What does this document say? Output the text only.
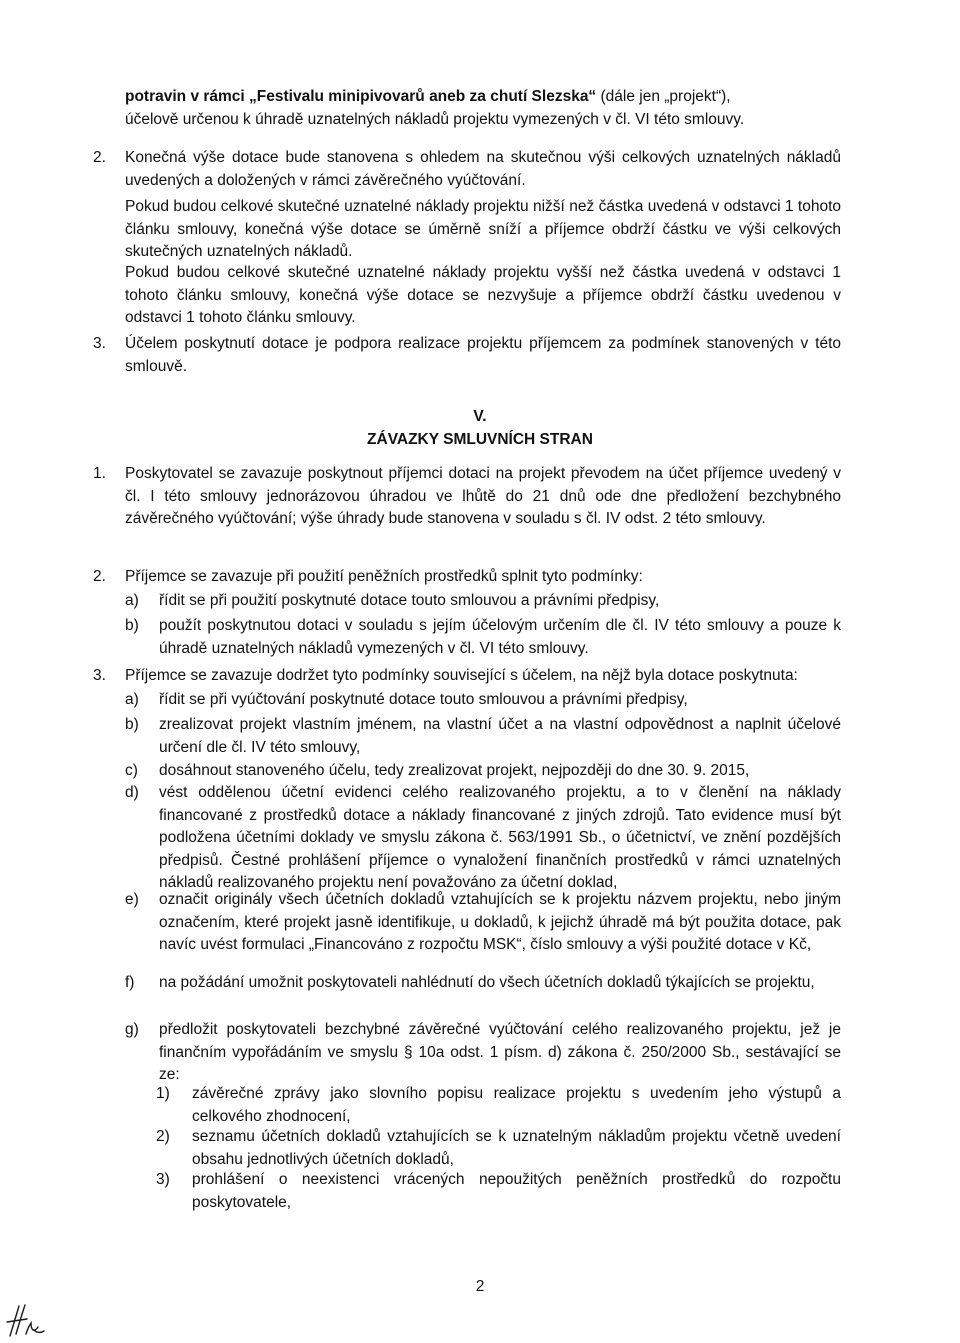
potravin v rámci „Festivalu minipivovarů aneb za chutí Slezska“ (dále jen „projekt“),

účelově určenou k úhradě uznatelných nákladů projektu vymezených v čl. VI této smlouvy.

2. Konečná výše dotace bude stanovena s ohledem na skutečnou výši celkových uznatelných nákladů uvedených a doložených v rámci závěrečného vyúčtování.

Pokud budou celkové skutečné uznatelné náklady projektu nižší než částka uvedená v odstavci 1 tohoto článku smlouvy, konečná výše dotace se úměrně sníží a příjemce obdrží částku ve výši celkových skutečných uznatelných nákladů.

Pokud budou celkové skutečné uznatelné náklady projektu vyšší než částka uvedená v odstavci 1 tohoto článku smlouvy, konečná výše dotace se nezvyšuje a příjemce obdrží částku uvedenou v odstavci 1 tohoto článku smlouvy.

3. Účelem poskytnutí dotace je podpora realizace projektu příjemcem za podmínek stanovených v této smlouvě.

V.
ZÁVAZKY SMLUVNÍCH STRAN
1. Poskytovatel se zavazuje poskytnout příjemci dotaci na projekt převodem na účet příjemce uvedený v čl. I této smlouvy jednorázovou úhradou ve lhůtě do 21 dnů ode dne předložení bezchybného závěrečného vyúčtování; výše úhrady bude stanovena v souladu s čl. IV odst. 2 této smlouvy.

2. Příjemce se zavazuje při použití peněžních prostředků splnit tyto podmínky:

a) řídit se při použití poskytnuté dotace touto smlouvou a právními předpisy,
b) použít poskytnutou dotaci v souladu s jejím účelovým určením dle čl. IV této smlouvy a pouze k úhradě uznatelných nákladů vymezených v čl. VI této smlouvy.
3. Příjemce se zavazuje dodržet tyto podmínky související s účelem, na nějž byla dotace poskytnuta:

a) řídit se při vyúčtování poskytnuté dotace touto smlouvou a právními předpisy,
b) zrealizovat projekt vlastním jménem, na vlastní účet a na vlastní odpovědnost a naplnit účelové určení dle čl. IV této smlouvy,
c) dosáhnout stanoveného účelu, tedy zrealizovat projekt, nejpozději do dne 30. 9. 2015,
d) vést oddělenou účetní evidenci celého realizovaného projektu, a to v členění na náklady financované z prostředků dotace a náklady financované z jiných zdrojů. Tato evidence musí být podložena účetními doklady ve smyslu zákona č. 563/1991 Sb., o účetnictví, ve znění pozdějších předpisů. Čestné prohlášení příjemce o vynaložení finančních prostředků v rámci uznatelných nákladů realizovaného projektu není považováno za účetní doklad,
e) označit originály všech účetních dokladů vztahujících se k projektu názvem projektu, nebo jiným označením, které projekt jasně identifikuje, u dokladů, k jejichž úhradě má být použita dotace, pak navíc uvést formulaci „Financováno z rozpočtu MSK“, číslo smlouvy a výši použité dotace v Kč,
f) na požádání umožnit poskytovateli nahlédnutí do všech účetních dokladů týkajících se projektu,
g) předložit poskytovateli bezchybné závěrečné vyúčtování celého realizovaného projektu, jež je finančním vypořádáním ve smyslu § 10a odst. 1 písm. d) zákona č. 250/2000 Sb., sestávající se ze:
1) závěrečné zprávy jako slovního popisu realizace projektu s uvedením jeho výstupů a celkového zhodnocení,
2) seznamu účetních dokladů vztahujících se k uznatelným nákladům projektu včetně uvedení obsahu jednotlivých účetních dokladů,
3) prohlášení o neexistenci vrácených nepoužitých peněžních prostředků do rozpočtu poskytovatele,
2
